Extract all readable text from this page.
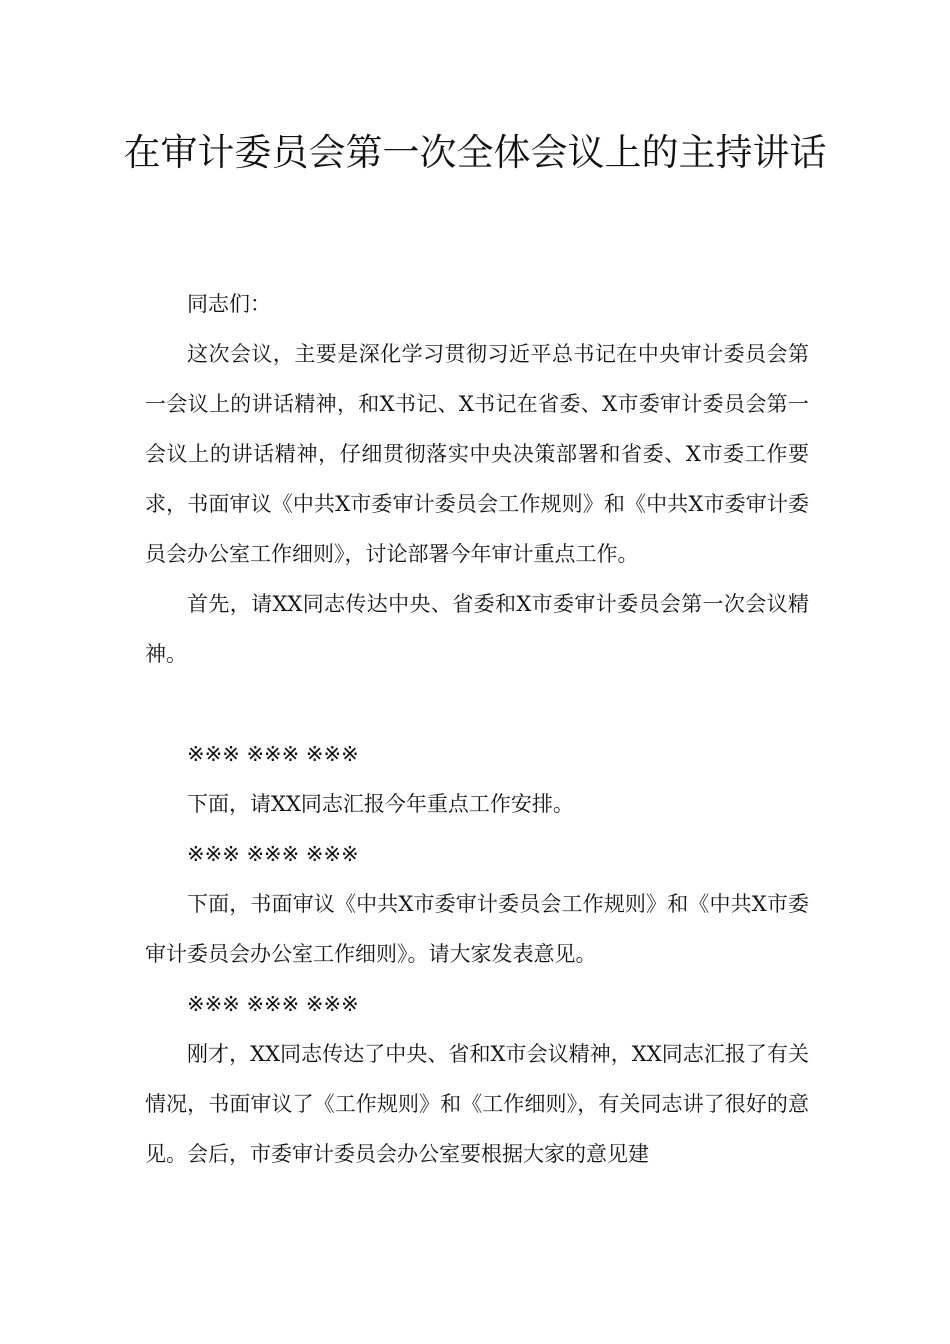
在审计委员会第一次全体会议上的主持讲话

同志们：

这次会议，主要是深化学习贯彻习近平总书记在中央审计委员会第一会议上的讲话精神，和X书记、X书记在省委、X市委审计委员会第一会议上的讲话精神，仔细贯彻落实中央决策部署和省委、X市委工作要求，书面审议《中共X市委审计委员会工作规则》和《中共X市委审计委员会办公室工作细则》，讨论部署今年审计重点工作。

首先，请XX同志传达中央、省委和X市委审计委员会第一次会议精神。

※※※ ※※※ ※※※

下面，请XX同志汇报今年重点工作安排。

※※※ ※※※ ※※※

下面，书面审议《中共X市委审计委员会工作规则》和《中共X市委审计委员会办公室工作细则》。请大家发表意见。

※※※ ※※※ ※※※

刚才，XX同志传达了中央、省和X市会议精神，XX同志汇报了有关情况，书面审议了《工作规则》和《工作细则》，有关同志讲了很好的意见。会后，市委审计委员会办公室要根据大家的意见建
